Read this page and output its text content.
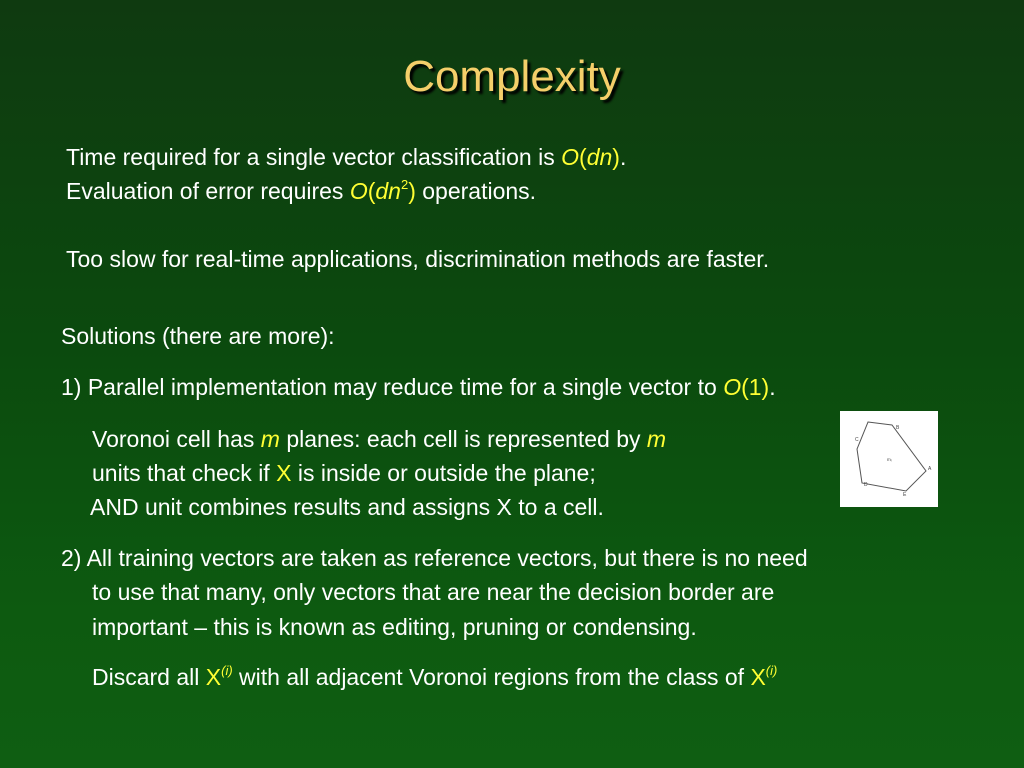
Complexity
Time required for a single vector classification is O(dn).
Evaluation of error requires $O(dn^2)$ operations.
Too slow for real-time applications, discrimination methods are faster.
Solutions (there are more):
1) Parallel implementation may reduce time for a single vector to O(1).
Voronoi cell has m planes: each cell is represented by m
units that check if X is inside or outside the plane;
AND unit combines results and assigns X to a cell.
2) All training vectors are taken as reference vectors, but there is no need
to use that many, only vectors that are near the decision border are
important – this is known as editing, pruning or condensing.
Discard all $X^{(i)}$ with all adjacent Voronoi regions from the class of $X^{(i)}$
B
C
A
D
E
mᵢ
